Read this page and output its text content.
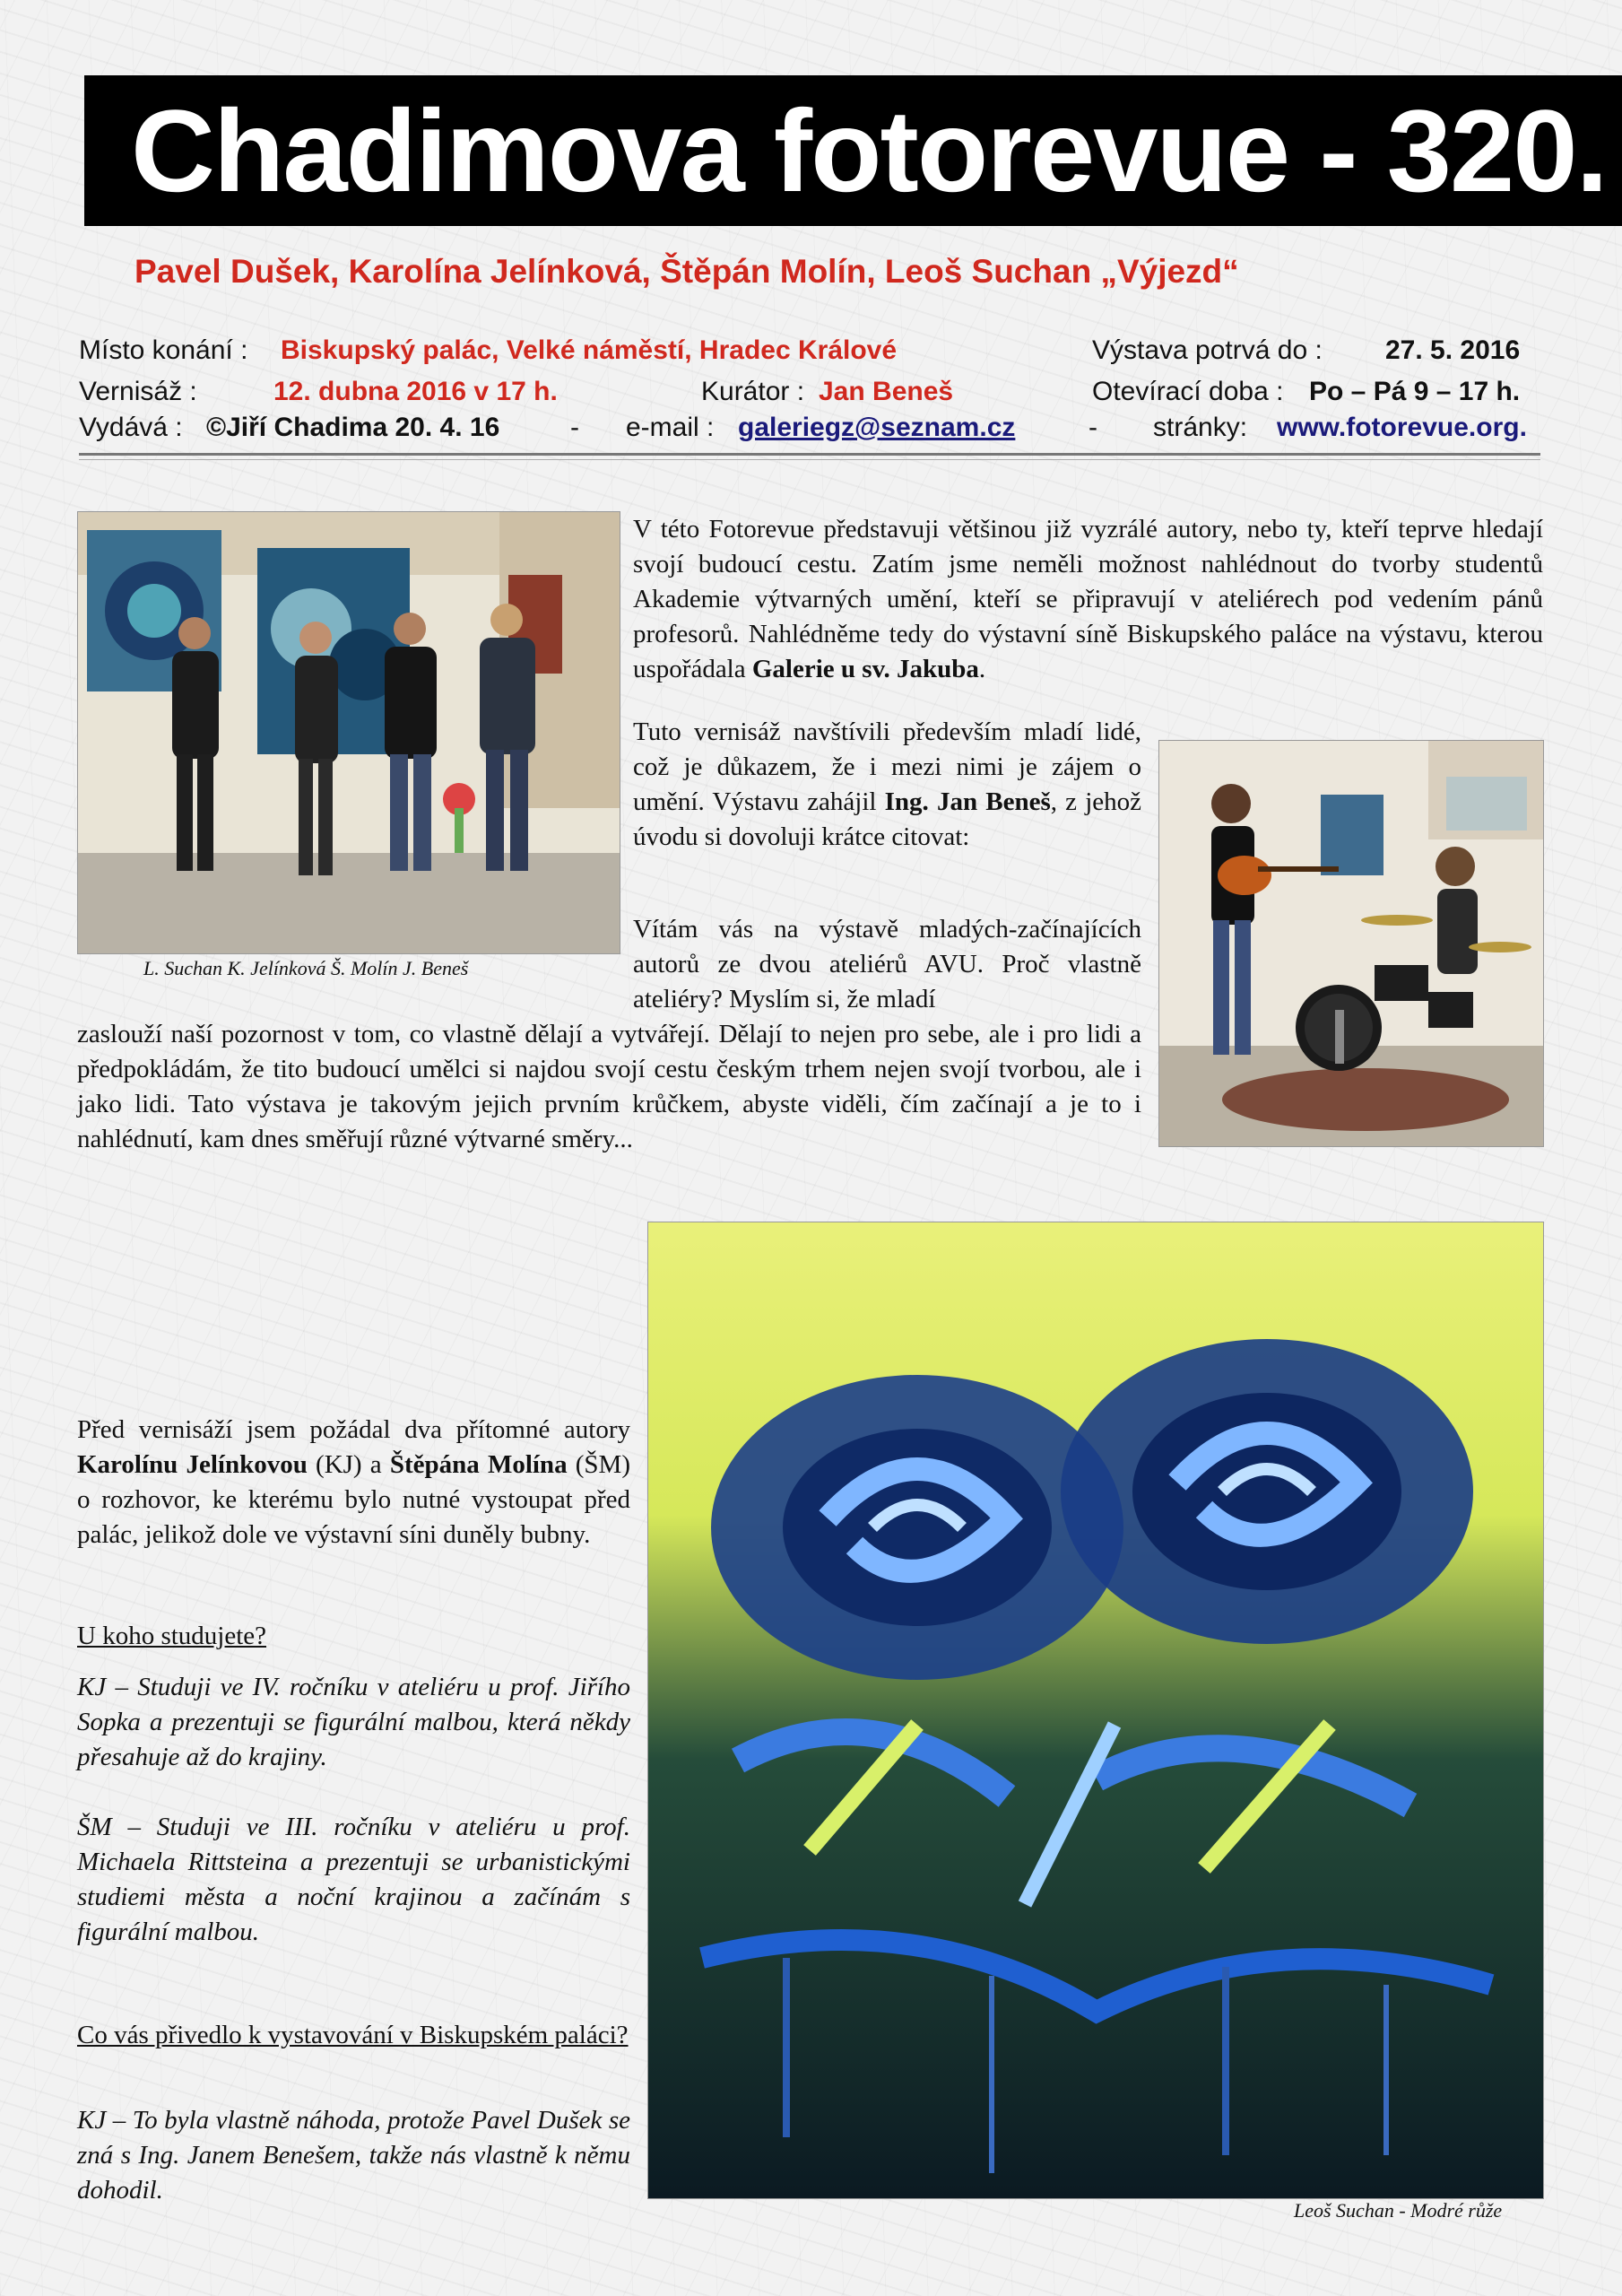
Chadimova fotorevue - 320.
Pavel Dušek, Karolína Jelínková, Štěpán Molín, Leoš Suchan „Výjezd“
Místo konání : Biskupský palác, Velké náměstí, Hradec Králové	Výstava potrvá do : 27. 5. 2016
Vernisáž :	12. dubna 2016 v 17 h.	Kurátor : Jan Beneš	Otevírací doba : Po – Pá 9 – 17 h.
Vydává : ©Jiří Chadima 20. 4. 16	- e-mail : galeriegz@seznam.cz	- stránky: www.fotorevue.org.
L. Suchan K. Jelínková Š. Molín J. Beneš
V této Fotorevue představuji většinou již vyzrálé autory, nebo ty, kteří teprve hledají svojí budoucí cestu. Zatím jsme neměli možnost nahlédnout do tvorby studentů Akademie výtvarných umění, kteří se připravují v ateliérech pod vedením pánů profesorů. Nahlédněme tedy do výstavní síně Biskupského paláce na výstavu, kterou uspořádala Galerie u sv. Jakuba.
Tuto vernisáž navštívili především mladí lidé, což je důkazem, že i mezi nimi je zájem o umění. Výstavu zahájil Ing. Jan Beneš, z jehož úvodu si dovoluji krátce citovat:
Vítám vás na výstavě mladých-začínajících autorů ze dvou ateliérů AVU. Proč vlastně ateliéry? Myslím si, že mladí
zaslouží naší pozornost v tom, co vlastně dělají a vytvářejí. Dělají to nejen pro sebe, ale i pro lidi a předpokládám, že tito budoucí umělci si najdou svojí cestu českým trhem nejen svojí tvorbou, ale i jako lidi. Tato výstava je takovým jejich prvním krůčkem, abyste viděli, čím začínají a je to i nahlédnutí, kam dnes směřují různé výtvarné směry...
Leoš Suchan - Modré růže
Před vernisáží jsem požádal dva přítomné autory Karolínu Jelínkovou (KJ) a Štěpána Molína (ŠM) o rozhovor, ke kterému bylo nutné vystoupat před palác, jelikož dole ve výstavní síni duněly bubny.
U koho studujete?
KJ – Studuji ve IV. ročníku v ateliéru u prof. Jiřího Sopka a prezentuji se figurální malbou, která někdy přesahuje až do krajiny.
ŠM – Studuji ve III. ročníku v ateliéru u prof. Michaela Rittsteina a prezentuji se urbanistickými studiemi města a noční krajinou a začínám s figurální malbou.
Co vás přivedlo k vystavování v Biskupském paláci?
KJ – To byla vlastně náhoda, protože Pavel Dušek se zná s Ing. Janem Benešem, takže nás vlastně k němu dohodil.
